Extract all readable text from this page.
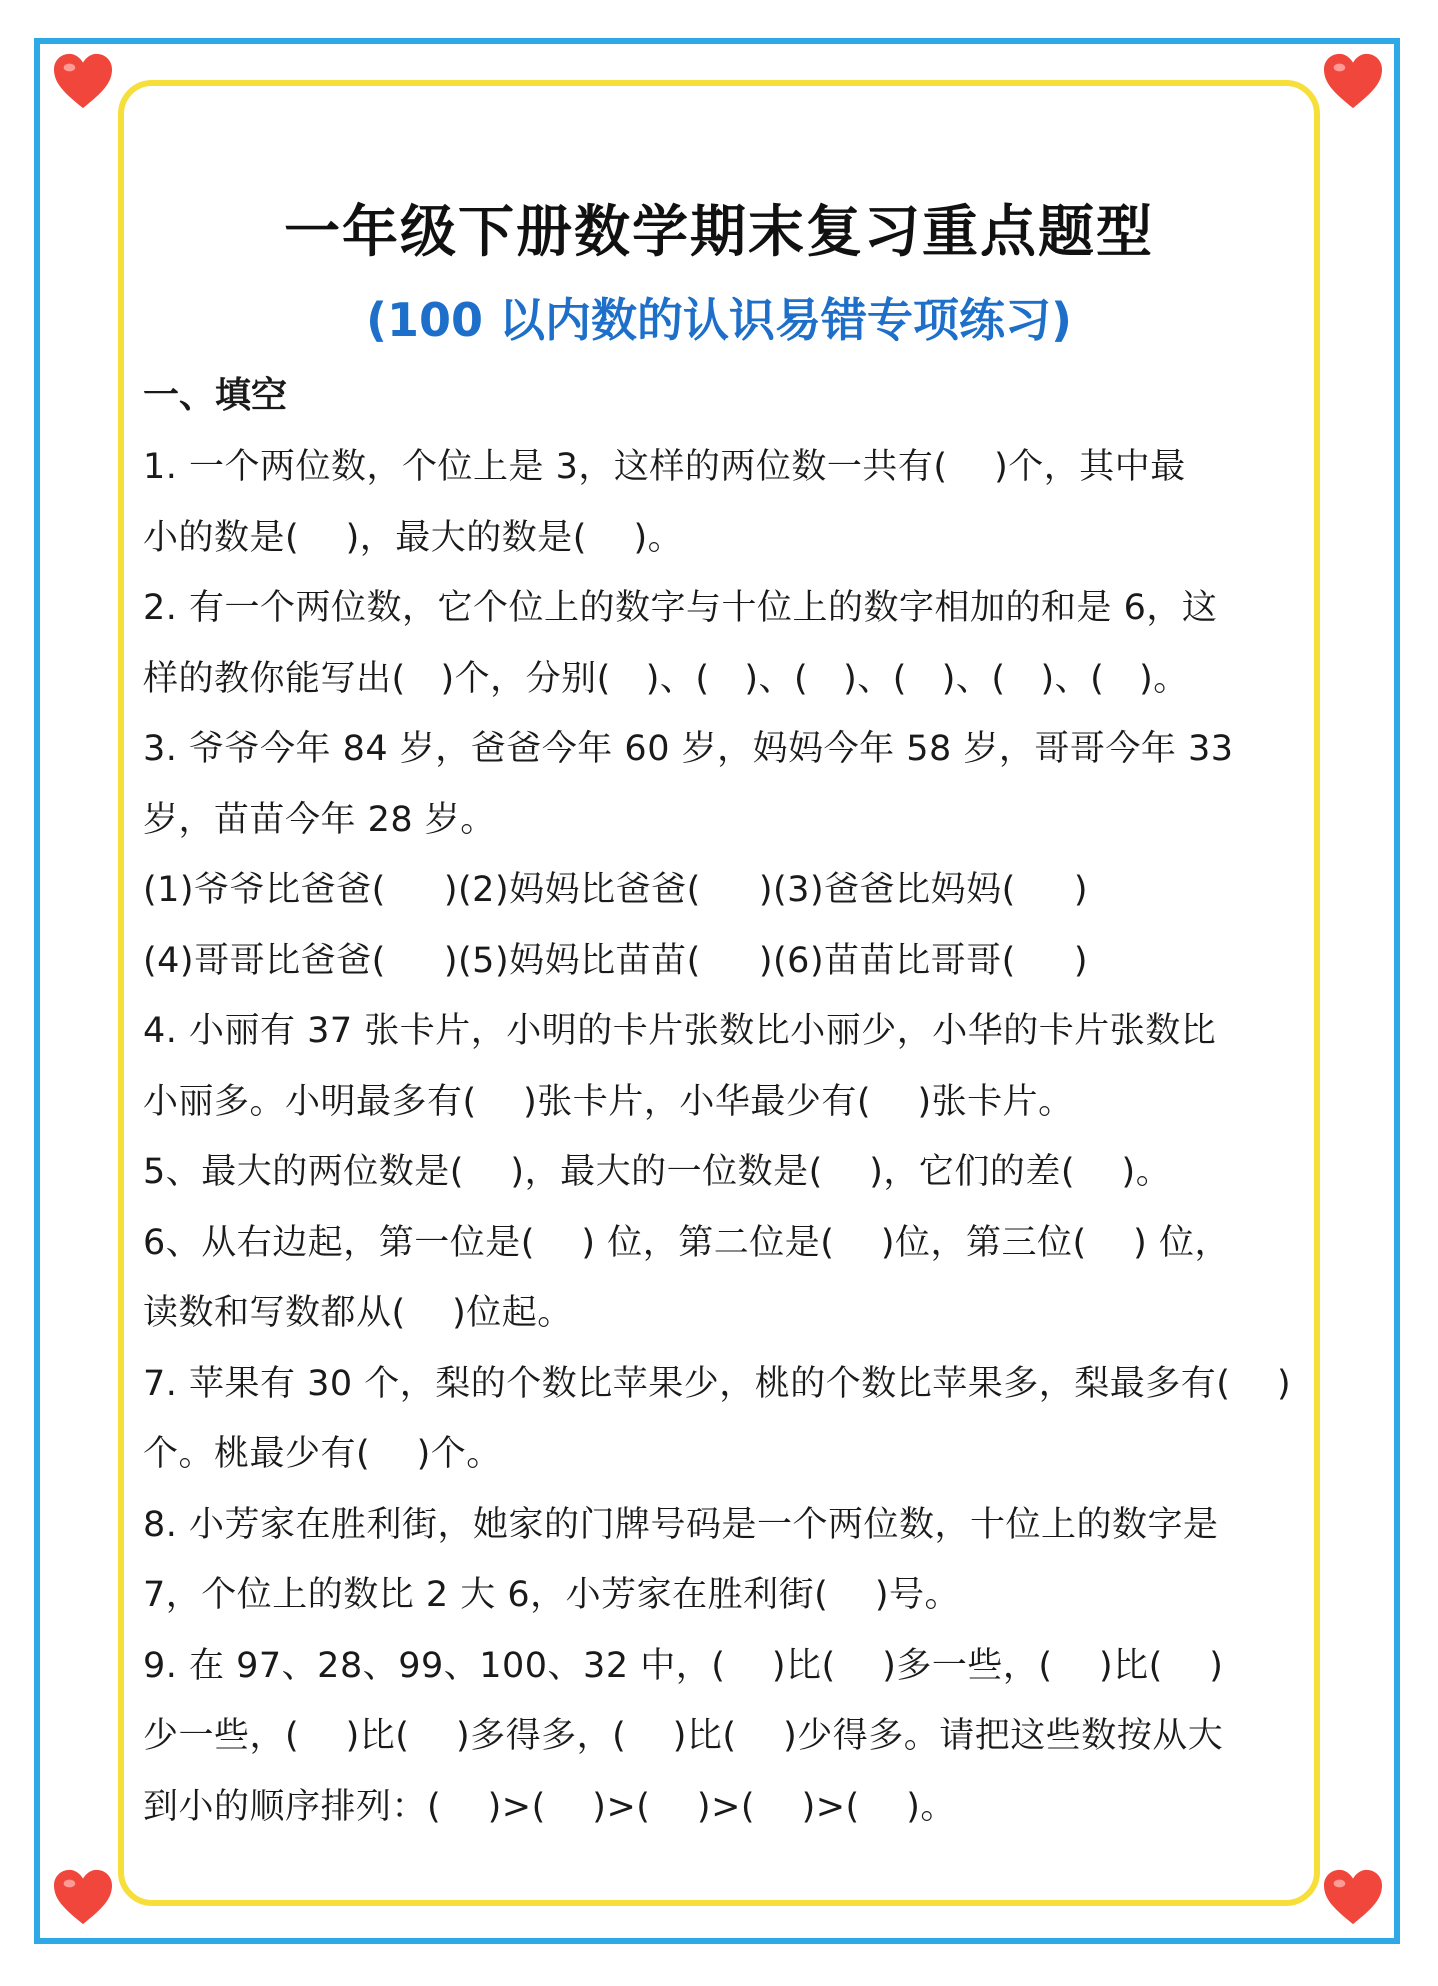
一年级下册数学期末复习重点题型
(100 以内数的认识易错专项练习)
一、填空
1. 一个两位数，个位上是 3，这样的两位数一共有(    )个，其中最
小的数是(    )，最大的数是(    )。
2. 有一个两位数，它个位上的数字与十位上的数字相加的和是 6，这
样的教你能写出(   )个，分别(   )、(   )、(   )、(   )、(   )、(   )。
3. 爷爷今年 84 岁，爸爸今年 60 岁，妈妈今年 58 岁，哥哥今年 33
岁，苗苗今年 28 岁。
(1)爷爷比爸爸(     )(2)妈妈比爸爸(     )(3)爸爸比妈妈(     )
(4)哥哥比爸爸(     )(5)妈妈比苗苗(     )(6)苗苗比哥哥(     )
4. 小丽有 37 张卡片，小明的卡片张数比小丽少，小华的卡片张数比
小丽多。小明最多有(    )张卡片，小华最少有(    )张卡片。
5、最大的两位数是(    )，最大的一位数是(    )，它们的差(    )。
6、从右边起，第一位是(    ) 位，第二位是(    )位，第三位(    ) 位，
读数和写数都从(    )位起。
7. 苹果有 30 个，梨的个数比苹果少，桃的个数比苹果多，梨最多有(    )
个。桃最少有(    )个。
8. 小芳家在胜利街，她家的门牌号码是一个两位数，十位上的数字是
7，个位上的数比 2 大 6，小芳家在胜利街(    )号。
9. 在 97、28、99、100、32 中，(    )比(    )多一些，(    )比(    )
少一些，(    )比(    )多得多，(    )比(    )少得多。请把这些数按从大
到小的顺序排列：(    )>(    )>(    )>(    )>(    )。
